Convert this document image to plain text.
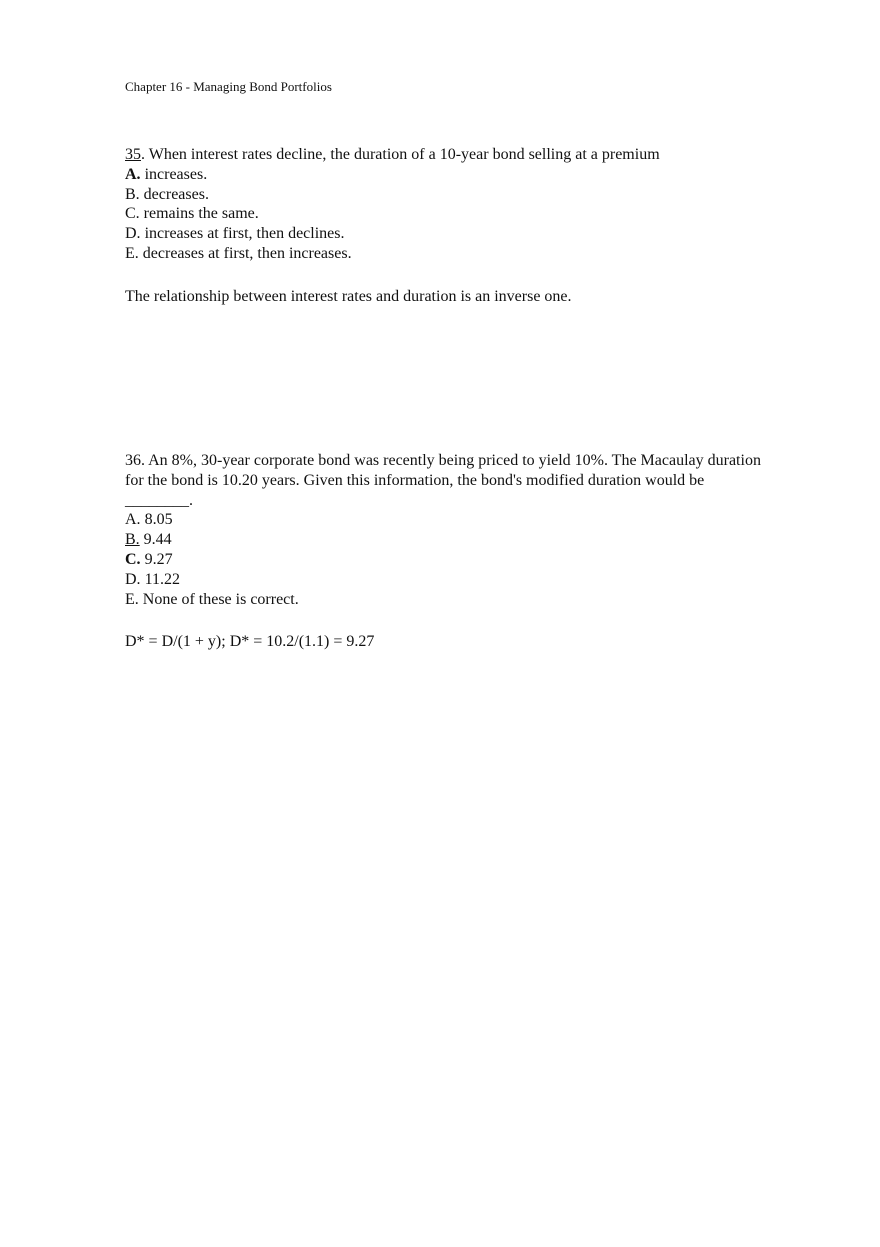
Chapter 16 - Managing Bond Portfolios

35. When interest rates decline, the duration of a 10-year bond selling at a premium

A. increases.

B. decreases.

C. remains the same.

D. increases at first, then declines.

E. decreases at first, then increases.

The relationship between interest rates and duration is an inverse one.

36. An 8%, 30-year corporate bond was recently being priced to yield 10%. The Macaulay duration for the bond is 10.20 years. Given this information, the bond's modified duration would be ________.

A. 8.05

B. 9.44

C. 9.27

D. 11.22

E. None of these is correct.

D* = D/(1 + y); D* = 10.2/(1.1) = 9.27
